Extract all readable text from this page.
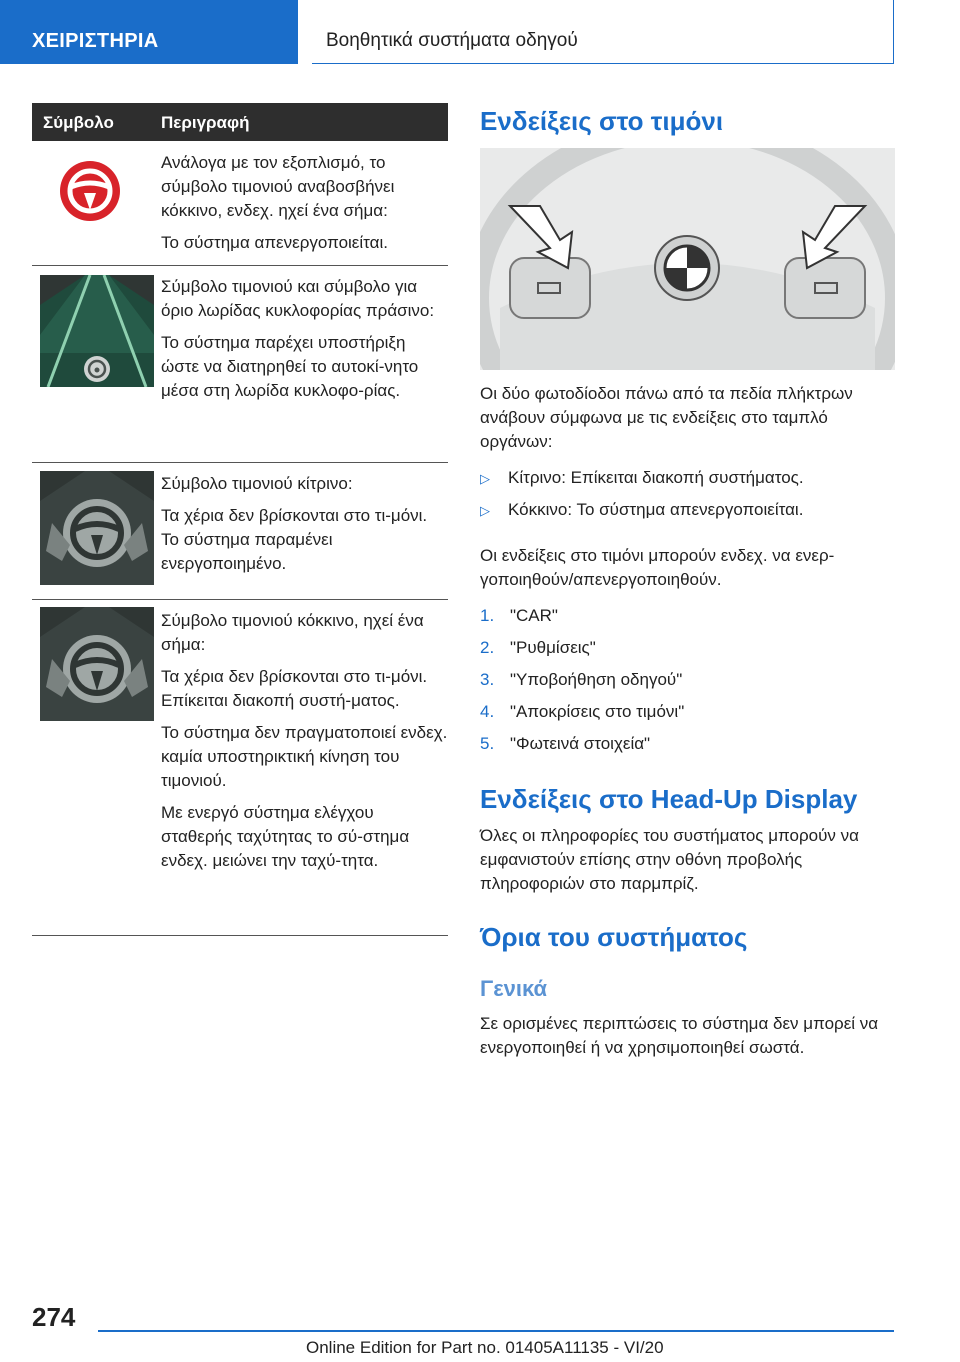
ΧΕΙΡΙΣΤΗΡΙΑ	Βοηθητικά συστήματα οδηγού
Σύμβολο	Περιγραφή

Ανάλογα με τον εξοπλισμό, το σύμβολο τιμονιού αναβοσβήνει κόκκινο, ενδεχ. ηχεί ένα σήμα:

Το σύστημα απενεργοποιείται.

Σύμβολο τιμονιού και σύμβολο για όριο λωρίδας κυκλοφορίας πράσινο:

Το σύστημα παρέχει υποστήριξη ώστε να διατηρηθεί το αυτοκί-νητο μέσα στη λωρίδα κυκλοφο-ρίας.

Σύμβολο τιμονιού κίτρινο:

Τα χέρια δεν βρίσκονται στο τι-μόνι. Το σύστημα παραμένει ενεργοποιημένο.

Σύμβολο τιμονιού κόκκινο, ηχεί ένα σήμα:

Τα χέρια δεν βρίσκονται στο τι-μόνι. Επίκειται διακοπή συστή-ματος.

Το σύστημα δεν πραγματοποιεί ενδεχ. καμία υποστηρικτική κίνηση του τιμονιού.

Με ενεργό σύστημα ελέγχου σταθερής ταχύτητας το σύ-στημα ενδεχ. μειώνει την ταχύ-τητα.

Ενδείξεις στο τιμόνι

Οι δύο φωτοδίοδοι πάνω από τα πεδία πλήκτρων ανάβουν σύμφωνα με τις ενδείξεις στο ταμπλό οργάνων:

▷ Κίτρινο: Επίκειται διακοπή συστήματος.
▷ Κόκκινο: Το σύστημα απενεργοποιείται.

Οι ενδείξεις στο τιμόνι μπορούν ενδεχ. να ενερ-γοποιηθούν/απενεργοποιηθούν.

1. "CAR"
2. "Ρυθμίσεις"
3. "Υποβοήθηση οδηγού"
4. "Αποκρίσεις στο τιμόνι"
5. "Φωτεινά στοιχεία"
Ενδείξεις στο Head-Up Display

Όλες οι πληροφορίες του συστήματος μπορούν να εμφανιστούν επίσης στην οθόνη προβολής πληροφοριών στο παρμπρίζ.

Όρια του συστήματος
Γενικά

Σε ορισμένες περιπτώσεις το σύστημα δεν μπορεί να ενεργοποιηθεί ή να χρησιμοποιηθεί σωστά.

274
Online Edition for Part no. 01405A11135 - VI/20
